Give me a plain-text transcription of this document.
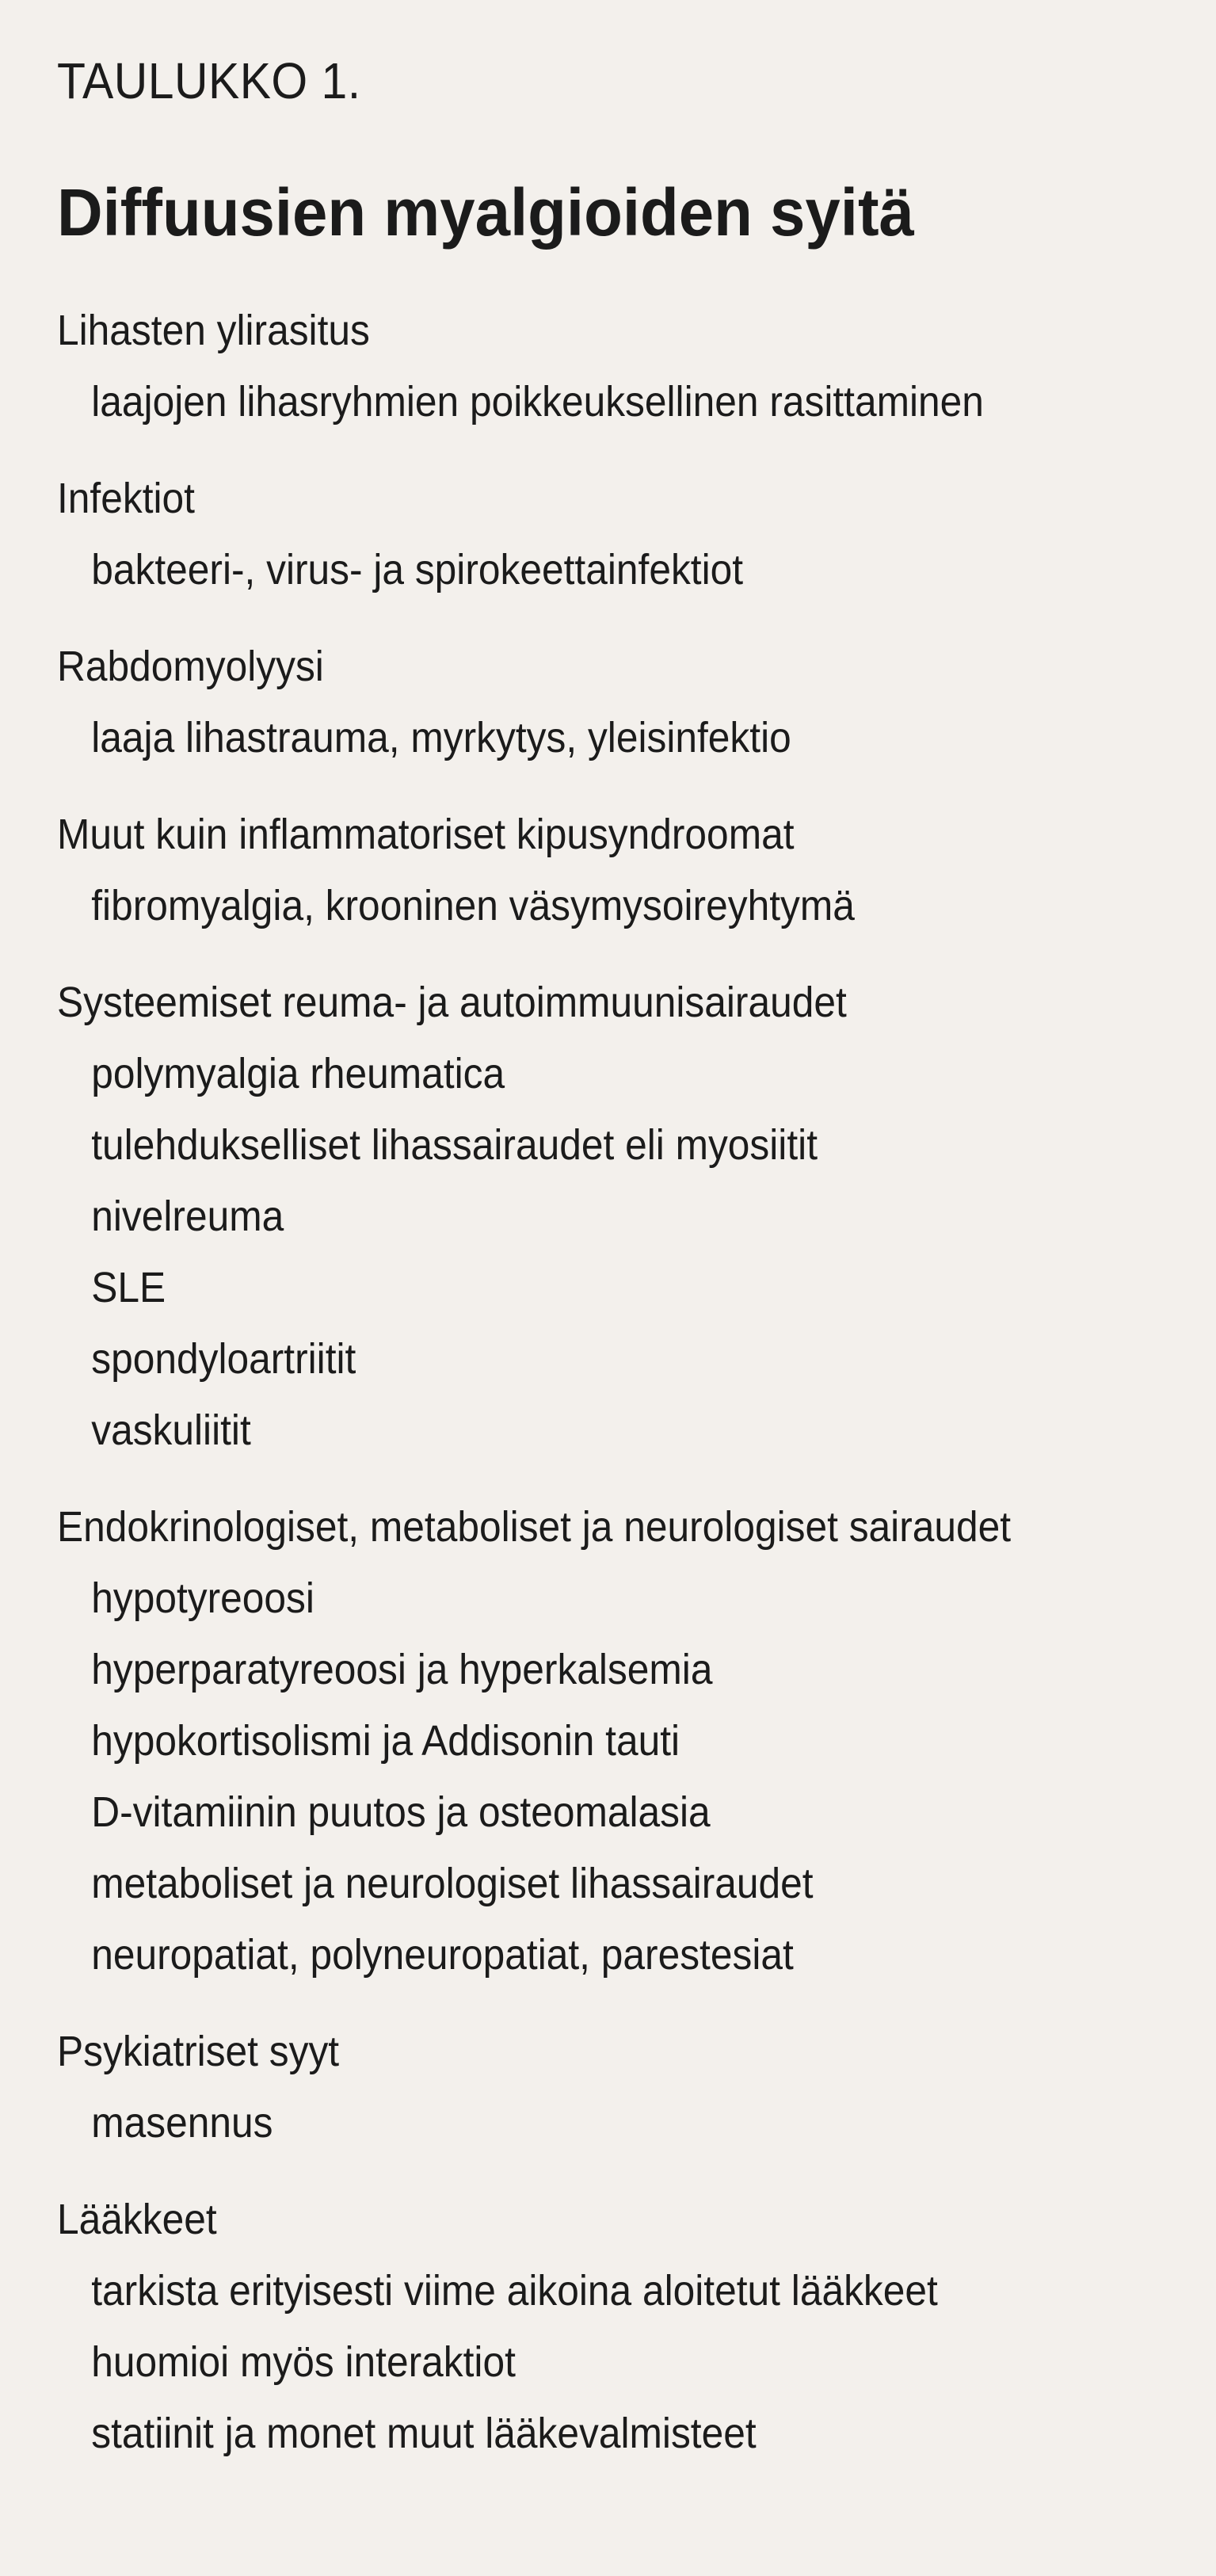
TAULUKKO 1.
Diffuusien myalgioiden syitä
Lihasten ylirasitus
laajojen lihasryhmien poikkeuksellinen rasittaminen
Infektiot
bakteeri-, virus- ja spirokeettainfektiot
Rabdomyolyysi
laaja lihastrauma, myrkytys, yleisinfektio
Muut kuin inflammatoriset kipusyndroomat
fibromyalgia, krooninen väsymysoireyhtymä
Systeemiset reuma- ja autoimmuunisairaudet
polymyalgia rheumatica
tulehdukselliset lihassairaudet eli myosiitit
nivelreuma
SLE
spondyloartriitit
vaskuliitit
Endokrinologiset, metaboliset ja neurologiset sairaudet
hypotyreoosi
hyperparatyreoosi ja hyperkalsemia
hypokortisolismi ja Addisonin tauti
D-vitamiinin puutos ja osteomalasia
metaboliset ja neurologiset lihassairaudet
neuropatiat, polyneuropatiat, parestesiat
Psykiatriset syyt
masennus
Lääkkeet
tarkista erityisesti viime aikoina aloitetut lääkkeet
huomioi myös interaktiot
statiinit ja monet muut lääkevalmisteet
